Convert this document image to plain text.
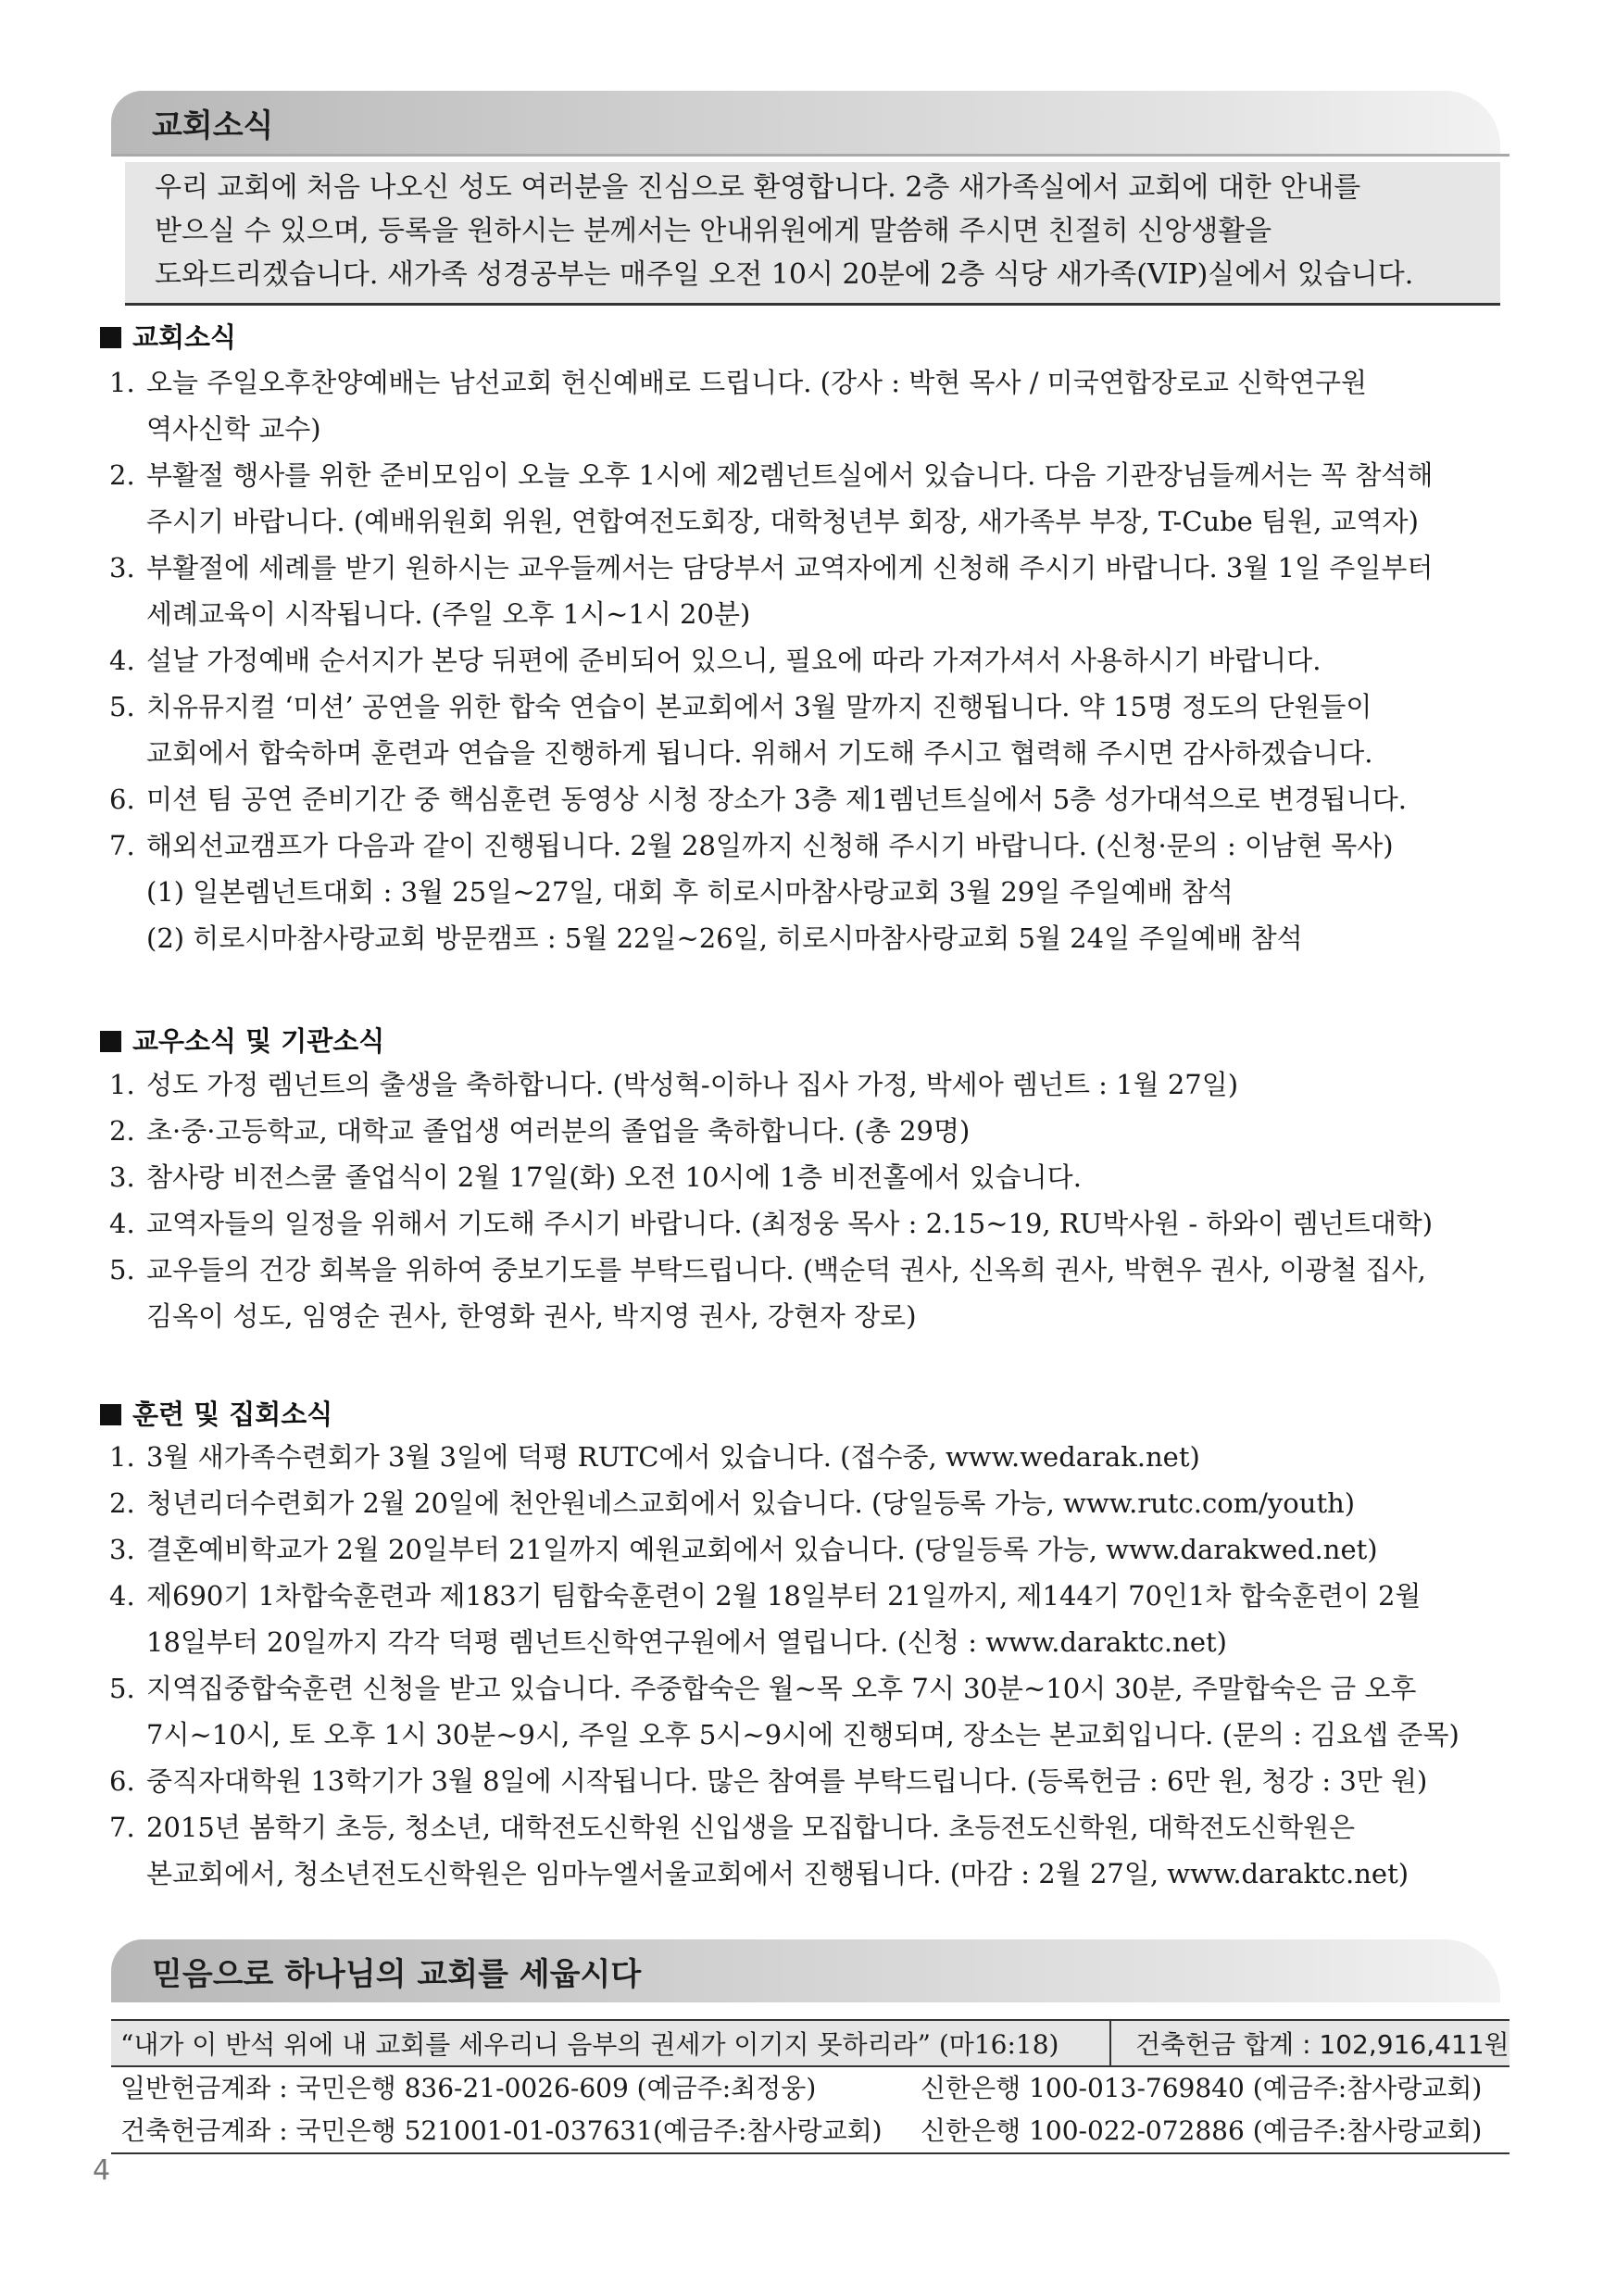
교회소식

우리 교회에 처음 나오신 성도 여러분을 진심으로 환영합니다. 2층 새가족실에서 교회에 대한 안내를

받으실 수 있으며, 등록을 원하시는 분께서는 안내위원에게 말씀해 주시면 친절히 신앙생활을

도와드리겠습니다. 새가족 성경공부는 매주일 오전 10시 20분에 2층 식당 새가족(VIP)실에서 있습니다.

교회소식
1. 오늘 주일오후찬양예배는 남선교회 헌신예배로 드립니다. (강사 : 박현 목사 / 미국연합장로교 신학연구원
역사신학 교수)
2. 부활절 행사를 위한 준비모임이 오늘 오후 1시에 제2렘넌트실에서 있습니다. 다음 기관장님들께서는 꼭 참석해
주시기 바랍니다. (예배위원회 위원, 연합여전도회장, 대학청년부 회장, 새가족부 부장, T-Cube 팀원, 교역자)
3. 부활절에 세례를 받기 원하시는 교우들께서는 담당부서 교역자에게 신청해 주시기 바랍니다. 3월 1일 주일부터
세례교육이 시작됩니다. (주일 오후 1시~1시 20분)
4. 설날 가정예배 순서지가 본당 뒤편에 준비되어 있으니, 필요에 따라 가져가셔서 사용하시기 바랍니다.
5. 치유뮤지컬 ‘미션’ 공연을 위한 합숙 연습이 본교회에서 3월 말까지 진행됩니다. 약 15명 정도의 단원들이
교회에서 합숙하며 훈련과 연습을 진행하게 됩니다. 위해서 기도해 주시고 협력해 주시면 감사하겠습니다.
6. 미션 팀 공연 준비기간 중 핵심훈련 동영상 시청 장소가 3층 제1렘넌트실에서 5층 성가대석으로 변경됩니다.
7. 해외선교캠프가 다음과 같이 진행됩니다. 2월 28일까지 신청해 주시기 바랍니다. (신청·문의 : 이남현 목사)
(1) 일본렘넌트대회 : 3월 25일~27일, 대회 후 히로시마참사랑교회 3월 29일 주일예배 참석
(2) 히로시마참사랑교회 방문캠프 : 5월 22일~26일, 히로시마참사랑교회 5월 24일 주일예배 참석
교우소식 및 기관소식
1. 성도 가정 렘넌트의 출생을 축하합니다. (박성혁-이하나 집사 가정, 박세아 렘넌트 : 1월 27일)
2. 초·중·고등학교, 대학교 졸업생 여러분의 졸업을 축하합니다. (총 29명)
3. 참사랑 비전스쿨 졸업식이 2월 17일(화) 오전 10시에 1층 비전홀에서 있습니다.
4. 교역자들의 일정을 위해서 기도해 주시기 바랍니다. (최정웅 목사 : 2.15~19, RU박사원 - 하와이 렘넌트대학)
5. 교우들의 건강 회복을 위하여 중보기도를 부탁드립니다. (백순덕 권사, 신옥희 권사, 박현우 권사, 이광철 집사,
김옥이 성도, 임영순 권사, 한영화 권사, 박지영 권사, 강현자 장로)
훈련 및 집회소식
1. 3월 새가족수련회가 3월 3일에 덕평 RUTC에서 있습니다. (접수중, www.wedarak.net)
2. 청년리더수련회가 2월 20일에 천안원네스교회에서 있습니다. (당일등록 가능, www.rutc.com/youth)
3. 결혼예비학교가 2월 20일부터 21일까지 예원교회에서 있습니다. (당일등록 가능, www.darakwed.net)
4. 제690기 1차합숙훈련과 제183기 팀합숙훈련이 2월 18일부터 21일까지, 제144기 70인1차 합숙훈련이 2월
18일부터 20일까지 각각 덕평 렘넌트신학연구원에서 열립니다. (신청 : www.daraktc.net)
5. 지역집중합숙훈련 신청을 받고 있습니다. 주중합숙은 월~목 오후 7시 30분~10시 30분, 주말합숙은 금 오후
7시~10시, 토 오후 1시 30분~9시, 주일 오후 5시~9시에 진행되며, 장소는 본교회입니다. (문의 : 김요셉 준목)
6. 중직자대학원 13학기가 3월 8일에 시작됩니다. 많은 참여를 부탁드립니다. (등록헌금 : 6만 원, 청강 : 3만 원)
7. 2015년 봄학기 초등, 청소년, 대학전도신학원 신입생을 모집합니다. 초등전도신학원, 대학전도신학원은
본교회에서, 청소년전도신학원은 임마누엘서울교회에서 진행됩니다. (마감 : 2월 27일, www.daraktc.net)
믿음으로 하나님의 교회를 세웁시다
“내가 이 반석 위에 내 교회를 세우리니 음부의 권세가 이기지 못하리라” (마16:18)	건축헌금 합계 : 102,916,411원
일반헌금계좌 : 국민은행 836-21-0026-609 (예금주:최정웅)	신한은행 100-013-769840 (예금주:참사랑교회)
건축헌금계좌 : 국민은행 521001-01-037631(예금주:참사랑교회) 신한은행 100-022-072886 (예금주:참사랑교회)
4
